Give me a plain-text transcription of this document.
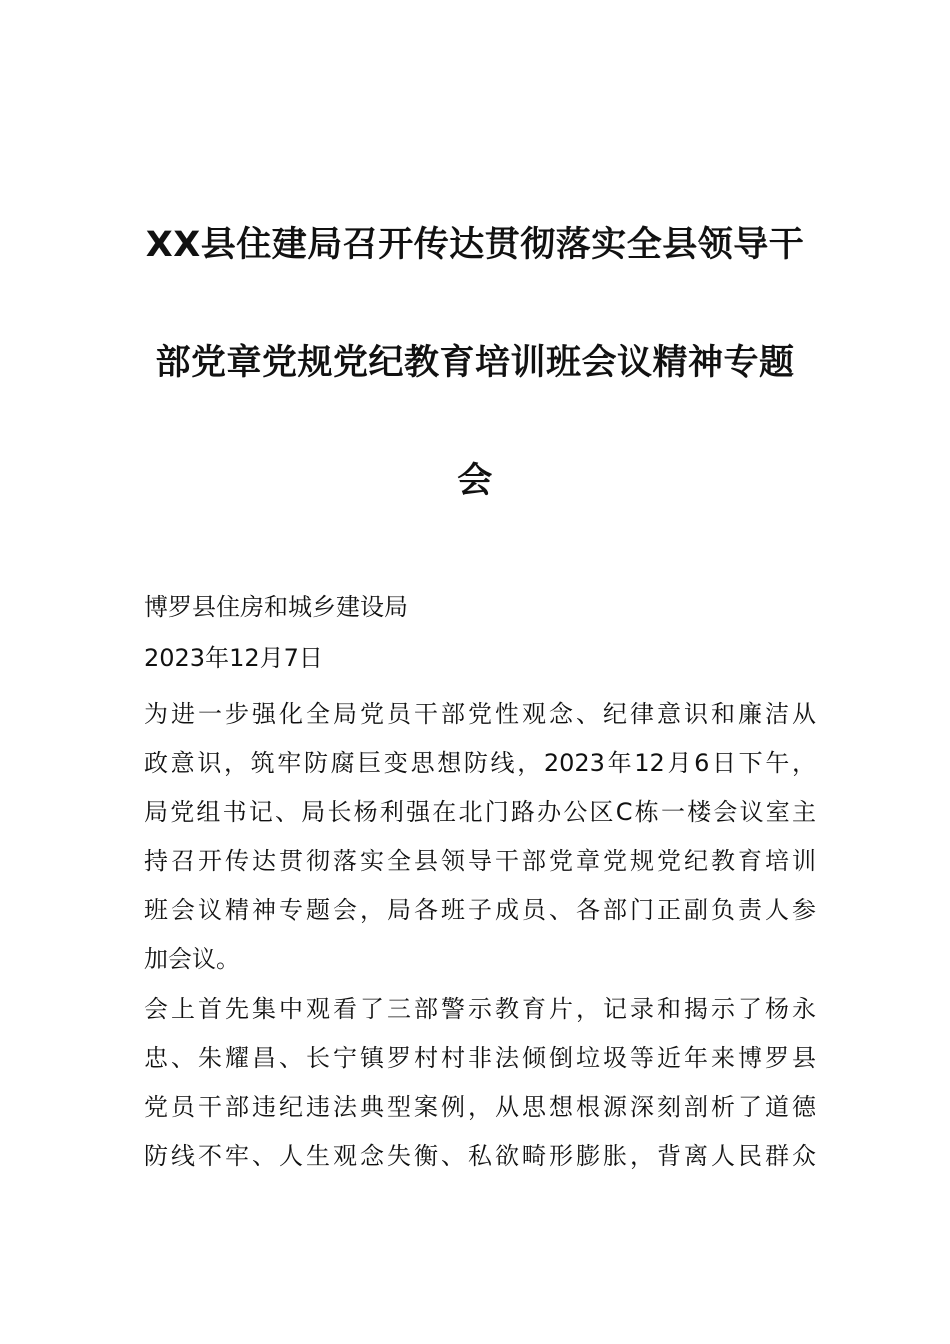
XX县住建局召开传达贯彻落实全县领导干
部党章党规党纪教育培训班会议精神专题
会

博罗县住房和城乡建设局

2023年12月7日

为进一步强化全局党员干部党性观念、纪律意识和廉洁从
政意识，筑牢防腐巨变思想防线，2023年12月6日下午，
局党组书记、局长杨利强在北门路办公区C栋一楼会议室主
持召开传达贯彻落实全县领导干部党章党规党纪教育培训
班会议精神专题会，局各班子成员、各部门正副负责人参
加会议。
会上首先集中观看了三部警示教育片，记录和揭示了杨永
忠、朱耀昌、长宁镇罗村村非法倾倒垃圾等近年来博罗县
党员干部违纪违法典型案例，从思想根源深刻剖析了道德
防线不牢、人生观念失衡、私欲畸形膨胀，背离人民群众
